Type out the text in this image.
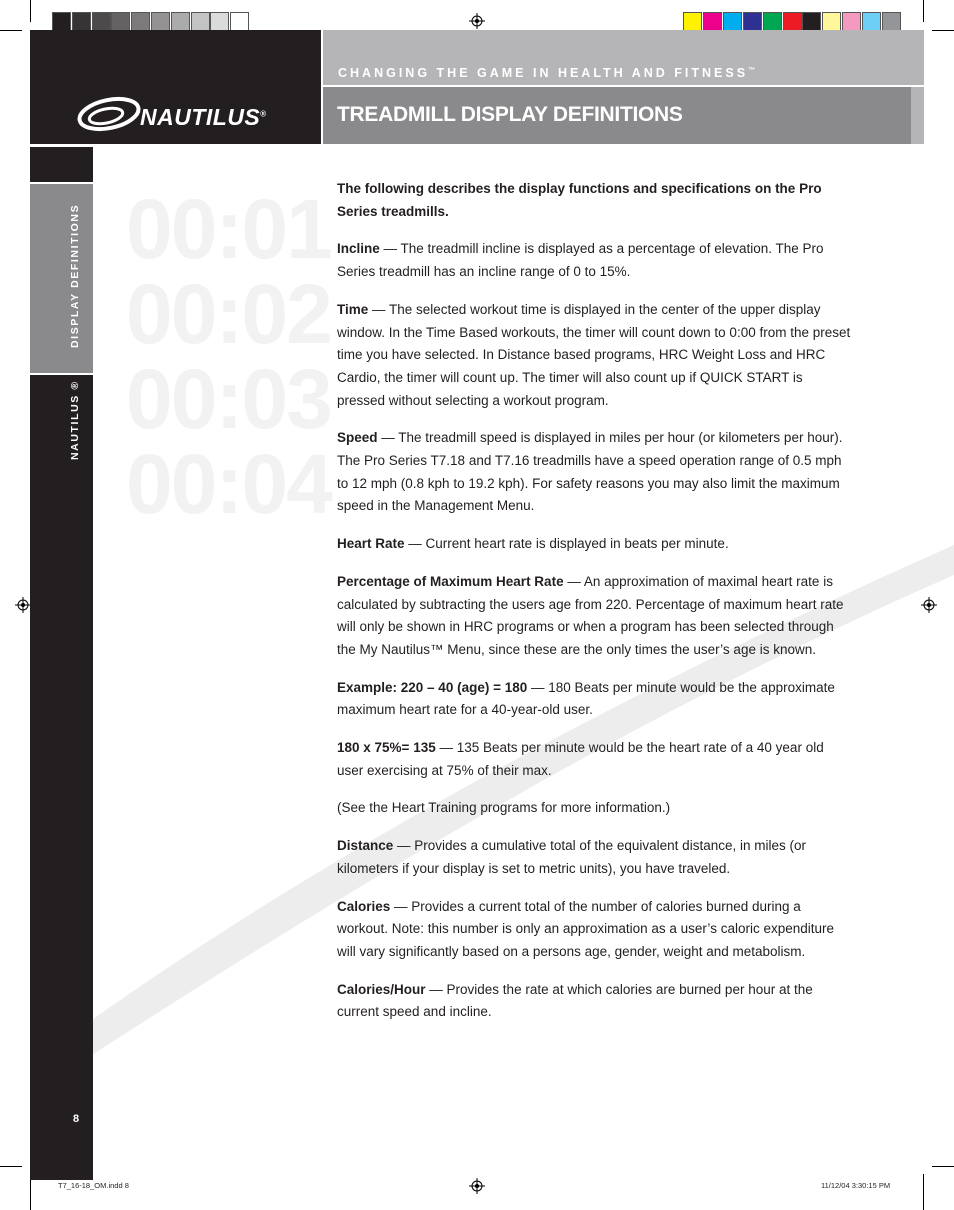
NAUTILUS®
CHANGING THE GAME IN HEALTH AND FITNESS™
TREADMILL DISPLAY DEFINITIONS
DISPLAY DEFINITIONS
NAUTILUS ®
8
00:01
00:02
00:03
00:04

The following describes the display functions and specifications on the Pro Series treadmills.

Incline — The treadmill incline is displayed as a percentage of elevation. The Pro Series treadmill has an incline range of 0 to 15%.

Time — The selected workout time is displayed in the center of the upper display window. In the Time Based workouts, the timer will count down to 0:00 from the preset time you have selected. In Distance based programs, HRC Weight Loss and HRC Cardio, the timer will count up. The timer will also count up if QUICK START is pressed without selecting a workout program.

Speed — The treadmill speed is displayed in miles per hour (or kilometers per hour). The Pro Series T7.18 and T7.16 treadmills have a speed operation range of 0.5 mph to 12 mph (0.8 kph to 19.2 kph). For safety reasons you may also limit the maximum speed in the Management Menu.

Heart Rate — Current heart rate is displayed in beats per minute.

Percentage of Maximum Heart Rate — An approximation of maximal heart rate is calculated by subtracting the users age from 220. Percentage of maximum heart rate will only be shown in HRC programs or when a program has been selected through the My Nautilus™ Menu, since these are the only times the user’s age is known.

Example: 220 – 40 (age) = 180 — 180 Beats per minute would be the approximate maximum heart rate for a 40-year-old user.

180 x 75%= 135 — 135 Beats per minute would be the heart rate of a 40 year old user exercising at 75% of their max.

(See the Heart Training programs for more information.)

Distance — Provides a cumulative total of the equivalent distance, in miles (or kilometers if your display is set to metric units), you have traveled.

Calories — Provides a current total of the number of calories burned during a workout. Note: this number is only an approximation as a user’s caloric expenditure will vary significantly based on a persons age, gender, weight and metabolism.

Calories/Hour — Provides the rate at which calories are burned per hour at the current speed and incline.

T7_16-18_OM.indd 8	11/12/04 3:30:15 PM
